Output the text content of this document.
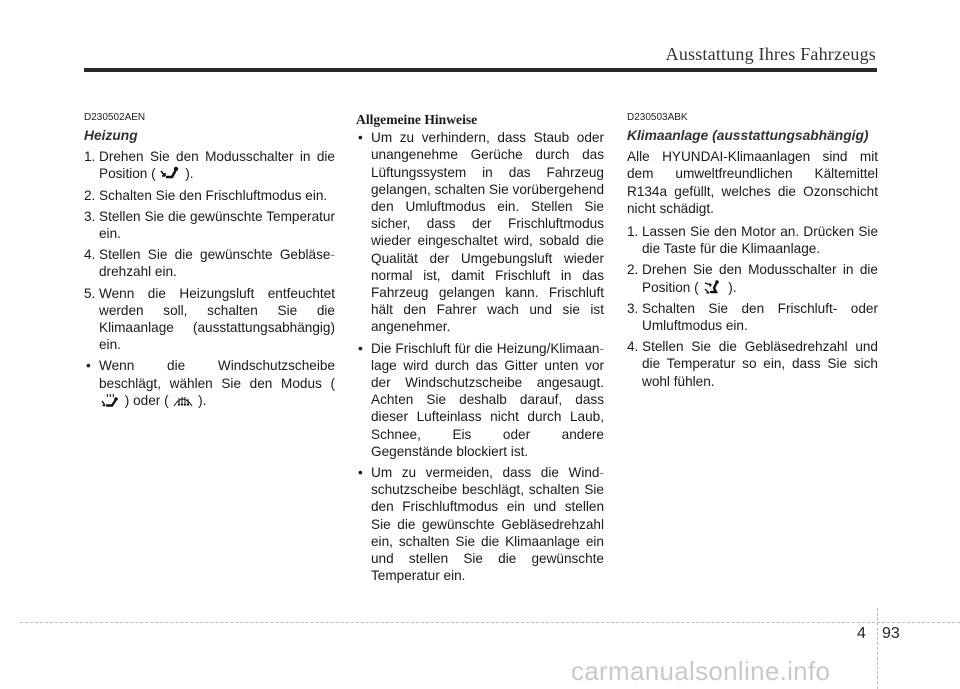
Ausstattung Ihres Fahrzeugs
D230502AEN
Heizung
1. Drehen Sie den Modusschalter in die Position (  ).
2. Schalten Sie den Frischluftmodus ein.
3. Stellen Sie die gewünschte Temperatur ein.
4. Stellen Sie die gewünschte Gebläse- drehzahl ein.
5. Wenn die Heizungsluft entfeuchtet werden soll, schalten Sie die Klimaanlage (ausstattungsabhängig) ein.
• Wenn die Windschutzscheibe beschlägt, wählen Sie den Modus (  ) oder (  ).
Allgemeine Hinweise
• Um zu verhindern, dass Staub oder unangenehme Gerüche durch das Lüftungssystem in das Fahrzeug gelangen, schalten Sie vorübergehend den Umluftmodus ein. Stellen Sie sicher, dass der Frischluftmodus wieder eingeschaltet wird, sobald die Qualität der Umgebungsluft wieder normal ist, damit Frischluft in das Fahrzeug gelangen kann. Frischluft hält den Fahrer wach und sie ist angenehmer.
• Die Frischluft für die Heizung/Klimaan- lage wird durch das Gitter unten vor der Windschutzscheibe angesaugt. Achten Sie deshalb darauf, dass dieser Lufteinlass nicht durch Laub, Schnee, Eis oder andere Gegenstände blockiert ist.
• Um zu vermeiden, dass die Wind- schutzscheibe beschlägt, schalten Sie den Frischluftmodus ein und stellen Sie die gewünschte Gebläsedrehzahl ein, schalten Sie die Klimaanlage ein und stellen Sie die gewünschte Temperatur ein.
D230503ABK
Klimaanlage (ausstattungsabhängig)

Alle HYUNDAI-Klimaanlagen sind mit dem umweltfreundlichen Kältemittel R134a gefüllt, welches die Ozonschicht nicht schädigt.

1. Lassen Sie den Motor an. Drücken Sie die Taste für die Klimaanlage.
2. Drehen Sie den Modusschalter in die Position (  ).
3. Schalten Sie den Frischluft- oder Umluftmodus ein.
4. Stellen Sie die Gebläsedrehzahl und die Temperatur so ein, dass Sie sich wohl fühlen.
4 93
carmanualsonline.info
